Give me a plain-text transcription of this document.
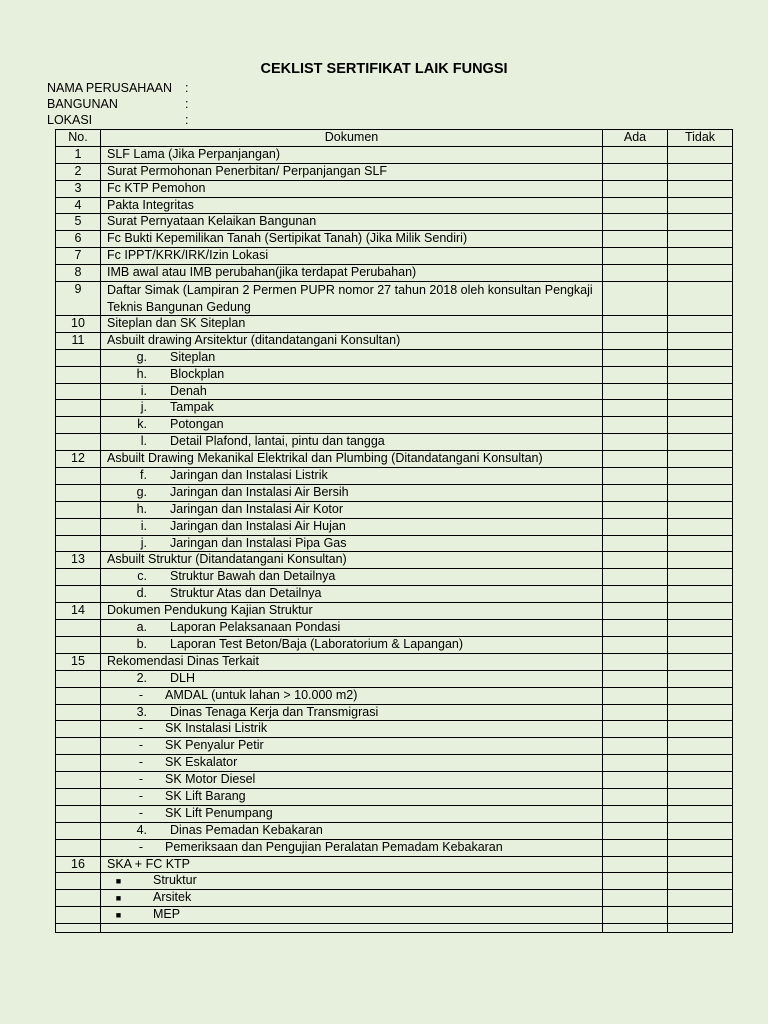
CEKLIST SERTIFIKAT LAIK FUNGSI
NAMA PERUSAHAAN :
BANGUNAN	:
LOKASI	:
No.	Dokumen	Ada	Tidak
1	SLF Lama (Jika Perpanjangan)		
2	Surat Permohonan Penerbitan/ Perpanjangan SLF		
3	Fc KTP Pemohon		
4	Pakta Integritas		
5	Surat Pernyataan Kelaikan Bangunan		
6	Fc Bukti Kepemilikan Tanah (Sertipikat Tanah) (Jika Milik Sendiri)		
7	Fc IPPT/KRK/IRK/Izin Lokasi		
8	IMB awal atau IMB perubahan(jika terdapat Perubahan)		
9	Daftar Simak (Lampiran 2 Permen PUPR nomor 27 tahun 2018 oleh konsultan Pengkaji Teknis Bangunan Gedung		
10	Siteplan dan SK Siteplan		
11	Asbuilt drawing Arsitektur (ditandatangani Konsultan)		
	g. Siteplan		
	h. Blockplan		
	i. Denah		
	j. Tampak		
	k. Potongan		
	l. Detail Plafond, lantai, pintu dan tangga		
12	Asbuilt Drawing Mekanikal Elektrikal dan Plumbing (Ditandatangani Konsultan)		
	f. Jaringan dan Instalasi Listrik		
	g. Jaringan dan Instalasi Air Bersih		
	h. Jaringan dan Instalasi Air Kotor		
	i. Jaringan dan Instalasi Air Hujan		
	j. Jaringan dan Instalasi Pipa Gas		
13	Asbuilt Struktur (Ditandatangani Konsultan)		
	c. Struktur Bawah dan Detailnya		
	d. Struktur Atas dan Detailnya		
14	Dokumen Pendukung Kajian Struktur		
	a. Laporan Pelaksanaan Pondasi		
	b. Laporan Test Beton/Baja (Laboratorium & Lapangan)		
15	Rekomendasi Dinas Terkait		
	2. DLH		
	- AMDAL (untuk lahan > 10.000 m2)		
	3. Dinas Tenaga Kerja dan Transmigrasi		
	- SK Instalasi Listrik		
	- SK Penyalur Petir		
	- SK Eskalator		
	- SK Motor Diesel		
	- SK Lift Barang		
	- SK Lift Penumpang		
	4. Dinas Pemadan Kebakaran		
	- Pemeriksaan dan Pengujian Peralatan Pemadam Kebakaran		
16	SKA + FC KTP		
	■ Struktur		
	■ Arsitek		
	■ MEP		
